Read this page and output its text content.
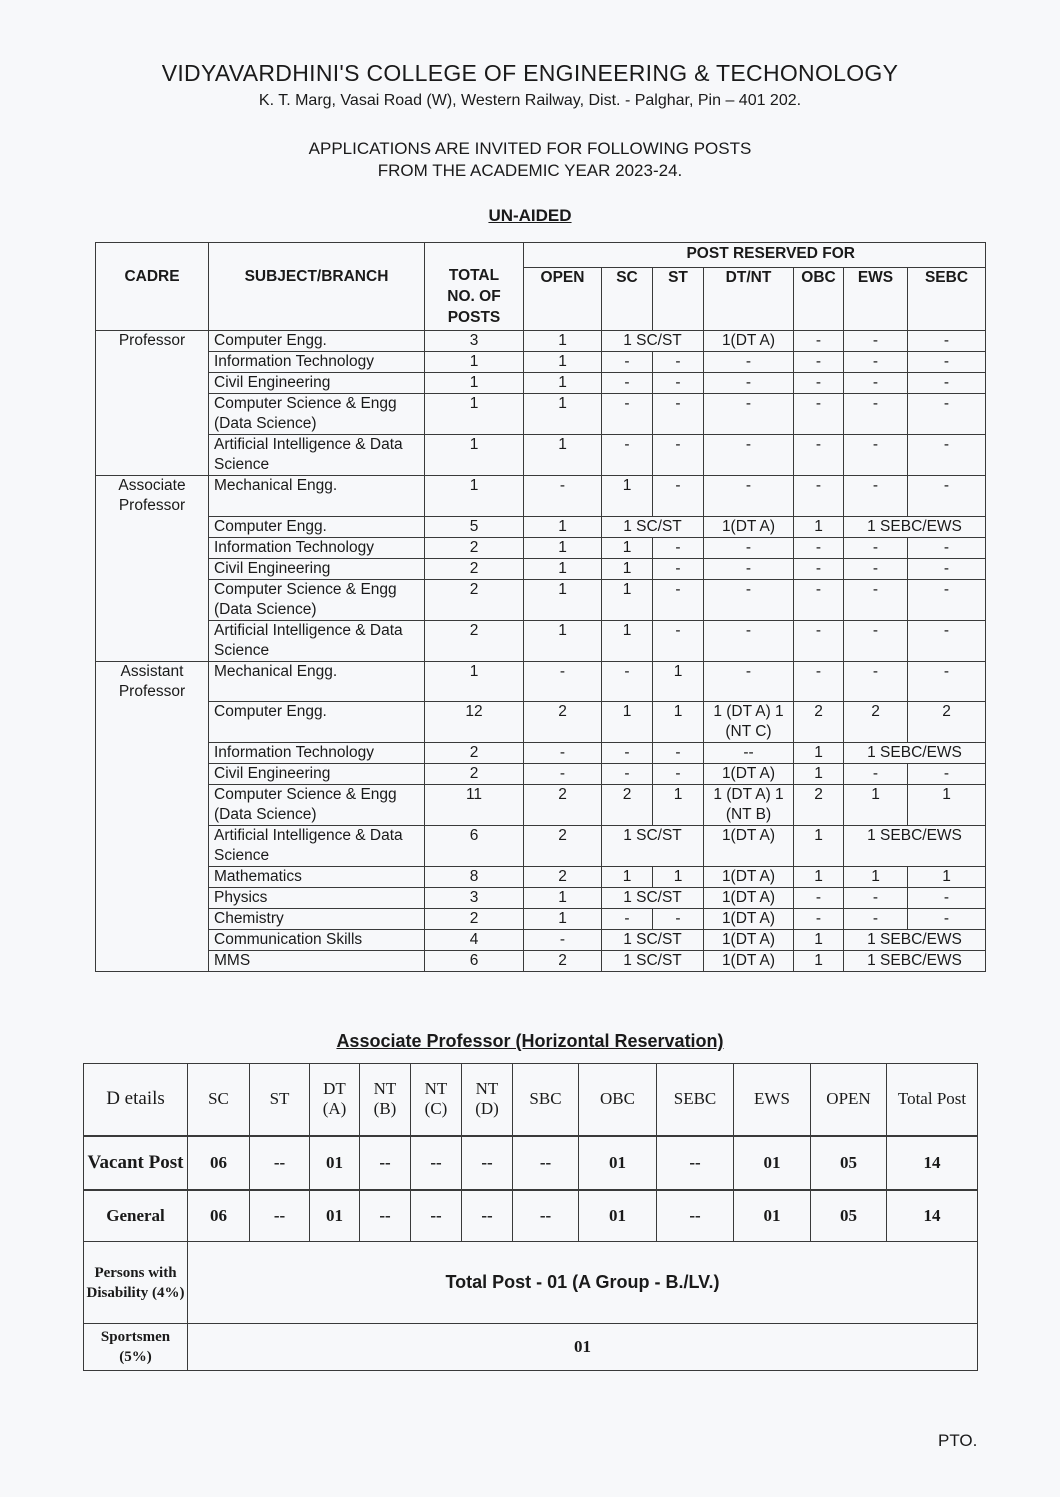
VIDYAVARDHINI'S COLLEGE OF ENGINEERING & TECHONOLOGY
K. T. Marg, Vasai Road (W), Western Railway, Dist. - Palghar, Pin – 401 202.
APPLICATIONS ARE INVITED FOR FOLLOWING POSTS
FROM THE ACADEMIC YEAR 2023-24.
UN-AIDED
CADRE	SUBJECT/BRANCH	TOTAL NO. OF POSTS	POST RESERVED FOR						
			OPEN	SC	ST	DT/NT	OBC	EWS	SEBC
Professor	Computer Engg.	3	1	1 SC/ST		1(DT A)	-	-	-
	Information Technology	1	1	-	-	-	-	-	-
	Civil Engineering	1	1	-	-	-	-	-	-
	Computer Science & Engg (Data Science)	1	1	-	-	-	-	-	-
	Artificial Intelligence & Data Science	1	1	-	-	-	-	-	-
Associate Professor	Mechanical Engg.	1	-	1	-	-	-	-	-
	Computer Engg.	5	1	1 SC/ST		1(DT A)	1	1 SEBC/EWS	
	Information Technology	2	1	1	-	-	-	-	-
	Civil Engineering	2	1	1	-	-	-	-	-
	Computer Science & Engg (Data Science)	2	1	1	-	-	-	-	-
	Artificial Intelligence & Data Science	2	1	1	-	-	-	-	-
Assistant Professor	Mechanical Engg.	1	-	-	1	-	-	-	-
	Computer Engg.	12	2	1	1	1 (DT A) 1 (NT C)	2	2	2
	Information Technology	2	-	-	-	--	1	1 SEBC/EWS	
	Civil Engineering	2	-	-	-	1(DT A)	1	-	-
	Computer Science & Engg (Data Science)	11	2	2	1	1 (DT A) 1 (NT B)	2	1	1
	Artificial Intelligence & Data Science	6	2	1 SC/ST		1(DT A)	1	1 SEBC/EWS	
	Mathematics	8	2	1	1	1(DT A)	1	1	1
	Physics	3	1	1 SC/ST		1(DT A)	-	-	-
	Chemistry	2	1	-	-	1(DT A)	-	-	-
	Communication Skills	4	-	1 SC/ST		1(DT A)	1	1 SEBC/EWS	
	MMS	6	2	1 SC/ST		1(DT A)	1	1 SEBC/EWS	
Associate Professor (Horizontal Reservation)
D etails	SC	ST	DT (A)	NT (B)	NT (C)	NT (D)	SBC	OBC	SEBC	EWS	OPEN	Total Post
Vacant Post	06	--	01	--	--	--	--	01	--	01	05	14
General	06	--	01	--	--	--	--	01	--	01	05	14
Persons with Disability (4%)	Total Post - 01 (A Group - B./LV.)											
Sportsmen (5%)	01											
PTO.
